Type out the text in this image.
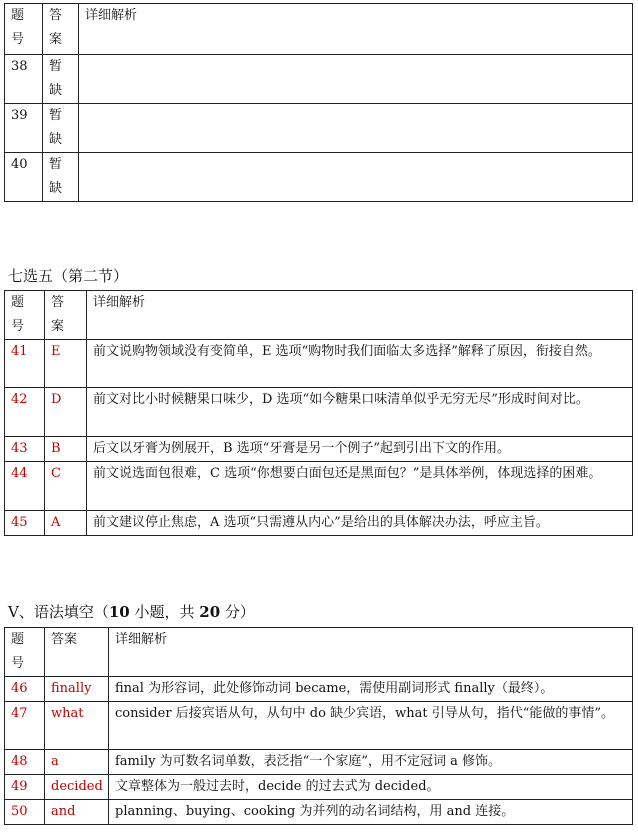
题号	答案	详细解析
38	暂缺	

39	暂缺	

40	暂缺	

七选五（第二节）
题号	答案	详细解析
41	E	前文说购物领域没有变简单，E 选项“购物时我们面临太多选择”解释了原因，衔接自然。
42	D	前文对比小时候糖果口味少，D 选项“如今糖果口味清单似乎无穷无尽”形成时间对比。
43	B	后文以牙膏为例展开，B 选项“牙膏是另一个例子”起到引出下文的作用。
44	C	前文说选面包很难，C 选项“你想要白面包还是黑面包？”是具体举例，体现选择的困难。
45	A	前文建议停止焦虑，A 选项“只需遵从内心”是给出的具体解决办法，呼应主旨。
V、语法填空（10 小题，共 20 分）
题号	答案	详细解析
46	finally	final 为形容词，此处修饰动词 became，需使用副词形式 finally（最终）。
47	what	consider 后接宾语从句，从句中 do 缺少宾语，what 引导从句，指代“能做的事情”。
48	a	family 为可数名词单数，表泛指“一个家庭”，用不定冠词 a 修饰。
49	decided	文章整体为一般过去时，decide 的过去式为 decided。
50	and	planning、buying、cooking 为并列的动名词结构，用 and 连接。
